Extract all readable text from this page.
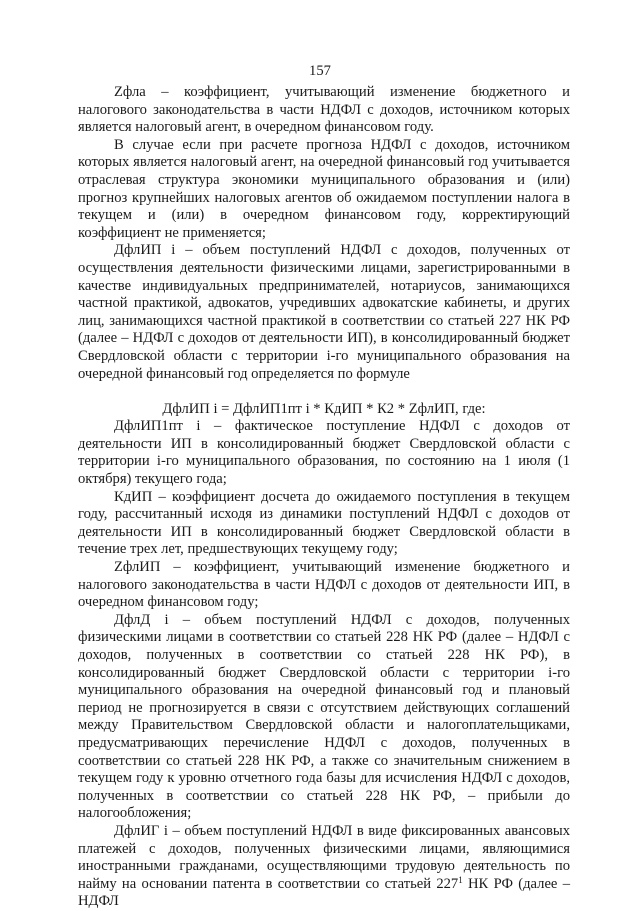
157

Zфла – коэффициент, учитывающий изменение бюджетного и налогового законодательства в части НДФЛ с доходов, источником которых является налоговый агент, в очередном финансовом году.

В случае если при расчете прогноза НДФЛ с доходов, источником которых является налоговый агент, на очередной финансовый год учитывается отраслевая структура экономики муниципального образования и (или) прогноз крупнейших налоговых агентов об ожидаемом поступлении налога в текущем и (или) в очередном финансовом году, корректирующий коэффициент не применяется;

ДфлИП i – объем поступлений НДФЛ с доходов, полученных от осуществления деятельности физическими лицами, зарегистрированными в качестве индивидуальных предпринимателей, нотариусов, занимающихся частной практикой, адвокатов, учредивших адвокатские кабинеты, и других лиц, занимающихся частной практикой в соответствии со статьей 227 НК РФ (далее – НДФЛ с доходов от деятельности ИП), в консолидированный бюджет Свердловской области с территории i-го муниципального образования на очередной финансовый год определяется по формуле

ДфлИП i = ДфлИП1пт i * КдИП * К2 * ZфлИП, где:

ДфлИП1пт i – фактическое поступление НДФЛ с доходов от деятельности ИП в консолидированный бюджет Свердловской области с территории i-го муниципального образования, по состоянию на 1 июля (1 октября) текущего года;

КдИП – коэффициент досчета до ожидаемого поступления в текущем году, рассчитанный исходя из динамики поступлений НДФЛ с доходов от деятельности ИП в консолидированный бюджет Свердловской области в течение трех лет, предшествующих текущему году;

ZфлИП – коэффициент, учитывающий изменение бюджетного и налогового законодательства в части НДФЛ с доходов от деятельности ИП, в очередном финансовом году;

ДфлД i – объем поступлений НДФЛ с доходов, полученных физическими лицами в соответствии со статьей 228 НК РФ (далее – НДФЛ с доходов, полученных в соответствии со статьей 228 НК РФ), в консолидированный бюджет Свердловской области с территории i-го муниципального образования на очередной финансовый год и плановый период не прогнозируется в связи с отсутствием действующих соглашений между Правительством Свердловской области и налогоплательщиками, предусматривающих перечисление НДФЛ с доходов, полученных в соответствии со статьей 228 НК РФ, а также со значительным снижением в текущем году к уровню отчетного года базы для исчисления НДФЛ с доходов, полученных в соответствии со статьей 228 НК РФ, – прибыли до налогообложения;

ДфлИГ i – объем поступлений НДФЛ в виде фиксированных авансовых платежей с доходов, полученных физическими лицами, являющимися иностранными гражданами, осуществляющими трудовую деятельность по найму на основании патента в соответствии со статьей $227^1$ НК РФ (далее – НДФЛ
